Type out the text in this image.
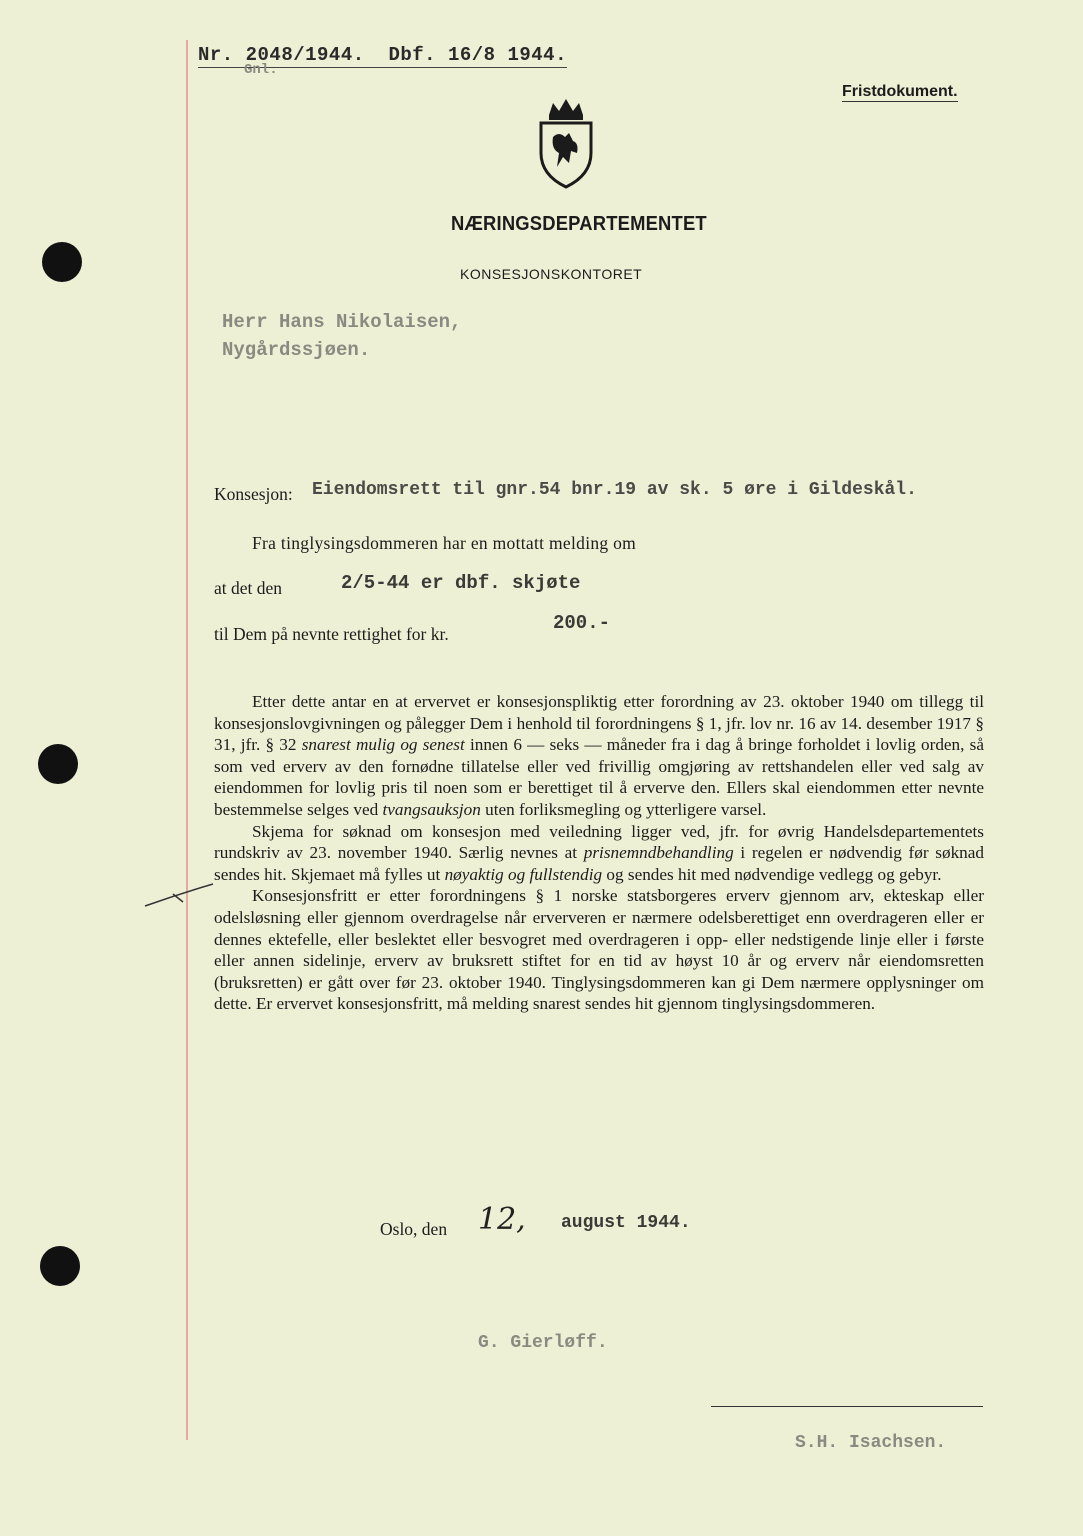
Nr. 2048/1944. Dbf. 16/8 1944.
Gnl.
Fristdokument.
NÆRINGSDEPARTEMENTET
KONSESJONSKONTORET
Herr Hans Nikolaisen,
Nygårdssjøen.
Konsesjon: Eiendomsrett til gnr.54 bnr.19 av sk. 5 øre i Gildeskål.
Fra tinglysingsdommeren har en mottatt melding om
at det den	2/5-44 er dbf. skjøte
til Dem på nevnte rettighet for kr.	200.-

Etter dette antar en at ervervet er konsesjonspliktig etter forordning av 23. oktober 1940 om tillegg til konsesjonslovgivningen og pålegger Dem i henhold til forordningens § 1, jfr. lov nr. 16 av 14. desember 1917 § 31, jfr. § 32 snarest mulig og senest innen 6 — seks — måneder fra i dag å bringe forholdet i lovlig orden, så som ved erverv av den fornødne tillatelse eller ved frivillig omgjøring av rettshandelen eller ved salg av eiendommen for lovlig pris til noen som er berettiget til å erverve den. Ellers skal eiendommen etter nevnte bestemmelse selges ved tvangsauksjon uten forliksmegling og ytterligere varsel.

Skjema for søknad om konsesjon med veiledning ligger ved, jfr. for øvrig Handelsdepartementets rundskriv av 23. november 1940. Særlig nevnes at prisnemndbehandling i regelen er nødvendig før søknad sendes hit. Skjemaet må fylles ut nøyaktig og fullstendig og sendes hit med nødvendige vedlegg og gebyr.

Konsesjonsfritt er etter forordningens § 1 norske statsborgeres erverv gjennom arv, ekteskap eller odelsløsning eller gjennom overdragelse når erververen er nærmere odelsberettiget enn overdrageren eller er dennes ektefelle, eller beslektet eller besvogret med overdrageren i opp- eller nedstigende linje eller i første eller annen sidelinje, erverv av bruksrett stiftet for en tid av høyst 10 år og erverv når eiendomsretten (bruksretten) er gått over før 23. oktober 1940. Tinglysingsdommeren kan gi Dem nærmere opplysninger om dette. Er ervervet konsesjonsfritt, må melding snarest sendes hit gjennom tinglysingsdommeren.

Oslo, den 12, august 1944.
G. Gierløff.
S.H. Isachsen.
